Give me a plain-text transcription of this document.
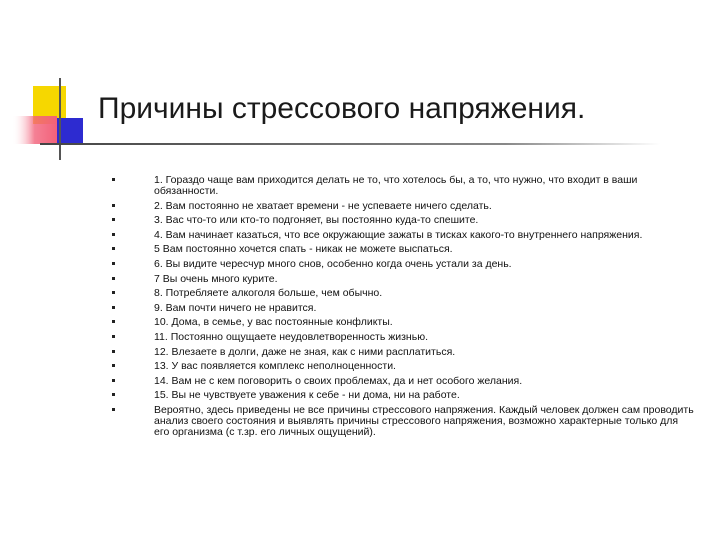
Причины стрессового напряжения.
1. Гораздо чаще вам приходится делать не то, что хотелось бы, а то, что нужно, что входит в ваши обязанности.
2. Вам постоянно не хватает времени - не успеваете ничего сделать.
3. Вас что-то или кто-то подгоняет, вы постоянно куда-то спешите.
4. Вам начинает казаться, что все окружающие зажаты в тисках какого-то внутреннего напряжения.
5 Вам постоянно хочется спать - никак не можете выспаться.
6. Вы видите чересчур много снов, особенно когда очень устали за день.
7 Вы очень много курите.
8. Потребляете алкоголя больше, чем обычно.
9. Вам почти ничего не нравится.
10. Дома, в семье, у вас постоянные конфликты.
11. Постоянно ощущаете неудовлетворенность жизнью.
12. Влезаете в долги, даже не зная, как с ними расплатиться.
13. У вас появляется комплекс неполноценности.
14. Вам не с кем поговорить о своих проблемах, да и нет особого желания.
15. Вы не чувствуете уважения к себе - ни дома, ни на работе.
Вероятно, здесь приведены не все причины стрессового напряжения. Каждый человек должен сам проводить анализ своего состояния и выявлять причины стрессового напряжения, возможно характерные только для его организма (с т.зр. его личных ощущений).
